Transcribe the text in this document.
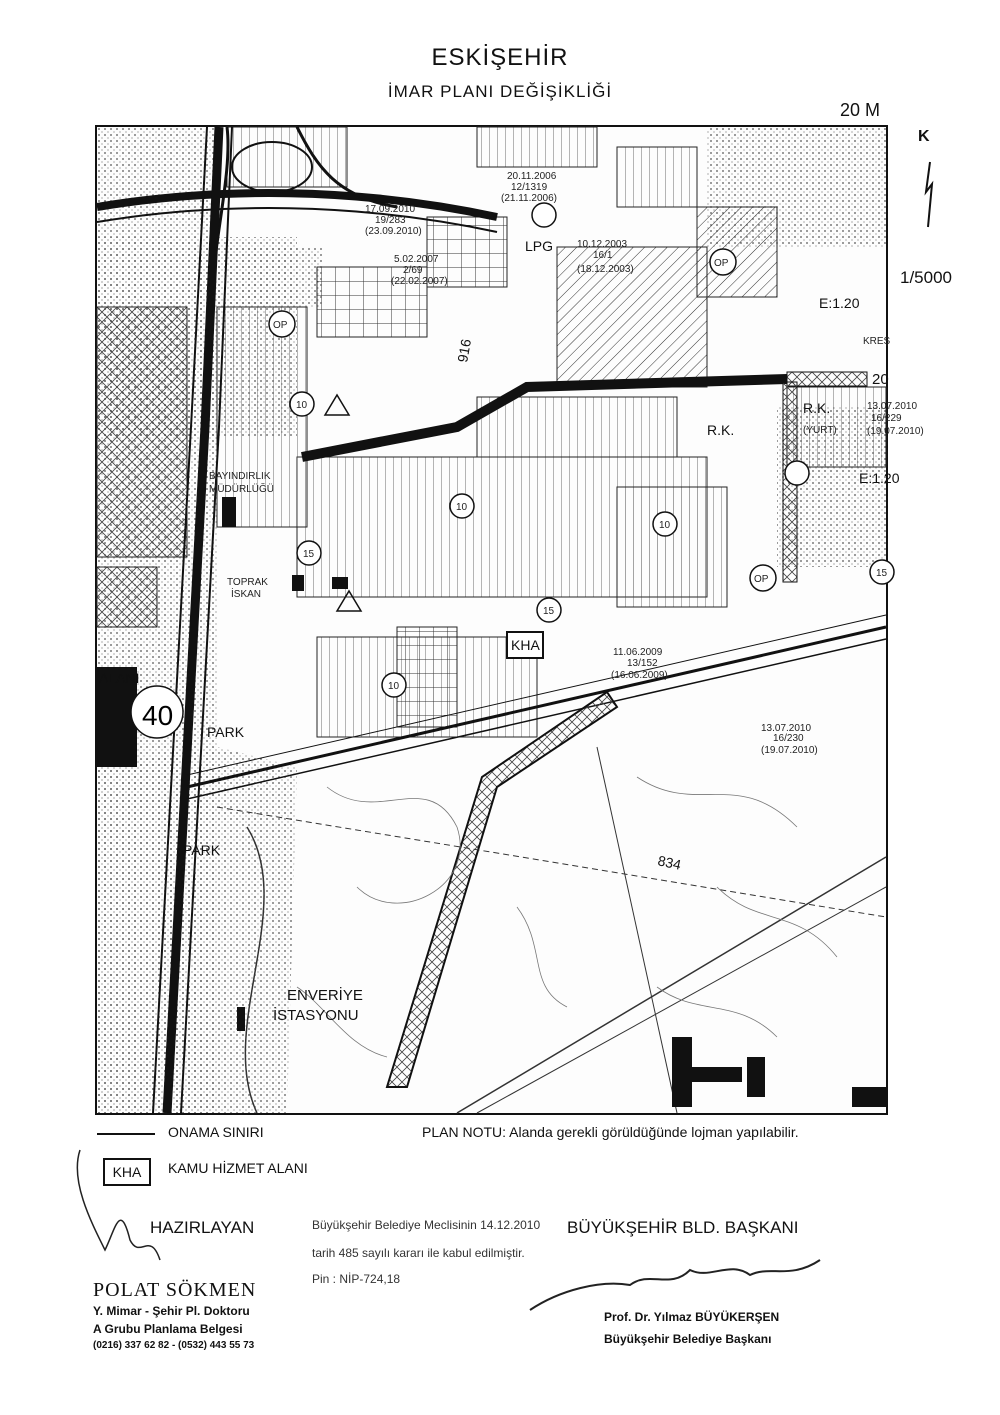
ESKİŞEHİR
İMAR PLANI DEĞİŞİKLİĞİ
20 M
K
1/5000
LPG
OP
OP
OP
E:1.20
E:1.20
KREŞ
R.K.
R.K.	(YURT)
20
10
10
10
10
15
15
15
916
834
40
BAYINDIRLIK
MÜDÜRLÜĞÜ
TOPRAK
İSKAN
KHA
ALANI
PARK
PARK
ENVERİYE
İSTASYONU
20.11.2006
12/1319
(21.11.2006)
17.09.2010
19/283
(23.09.2010)
5.02.2007
2/69
(22.02.2007)
10.12.2003
16/1
(18.12.2003)
13.07.2010
16/229
(19.07.2010)
11.06.2009
13/152
(16.06.2009)
13.07.2010
16/230
(19.07.2010)
ONAMA SINIRI	PLAN NOTU: Alanda gerekli görüldüğünde lojman yapılabilir.
KHA	KAMU HİZMET ALANI
HAZIRLAYAN	Büyükşehir Belediye Meclisinin 14.12.2010	BÜYÜKŞEHİR BLD. BAŞKANI
tarih 485 sayılı kararı ile kabul edilmiştir.
Pin : NİP-724,18
POLAT SÖKMEN
Y. Mimar - Şehir Pl. Doktoru
A Grubu Planlama Belgesi
(0216) 337 62 82 - (0532) 443 55 73
Prof. Dr. Yılmaz BÜYÜKERŞEN
Büyükşehir Belediye Başkanı
